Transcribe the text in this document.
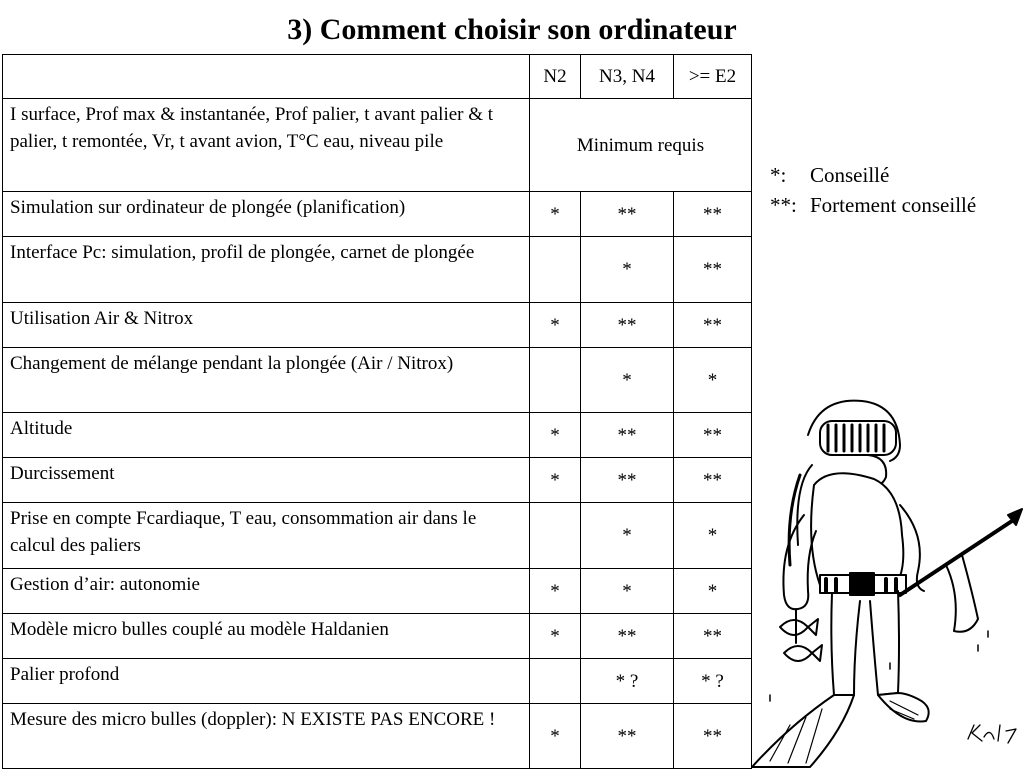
3) Comment choisir son ordinateur
	N2	N3, N4	>= E2
I surface, Prof max & instantanée, Prof palier, t avant palier & t palier, t remontée, Vr, t avant avion, T°C eau, niveau pile	Minimum requis		
Simulation sur ordinateur de plongée (planification)	*	**	**
Interface Pc: simulation, profil de plongée, carnet de plongée		*	**
Utilisation Air & Nitrox	*	**	**
Changement de mélange pendant la plongée (Air / Nitrox)		*	*
Altitude	*	**	**
Durcissement	*	**	**
Prise en compte Fcardiaque, T eau, consommation air dans le calcul des paliers		*	*
Gestion d’air: autonomie	*	*	*
Modèle micro bulles couplé au modèle Haldanien	*	**	**
Palier profond		* ?	* ?
Mesure des micro bulles (doppler): N EXISTE PAS ENCORE !	*	**	**
*: Conseillé
**: Fortement conseillé
